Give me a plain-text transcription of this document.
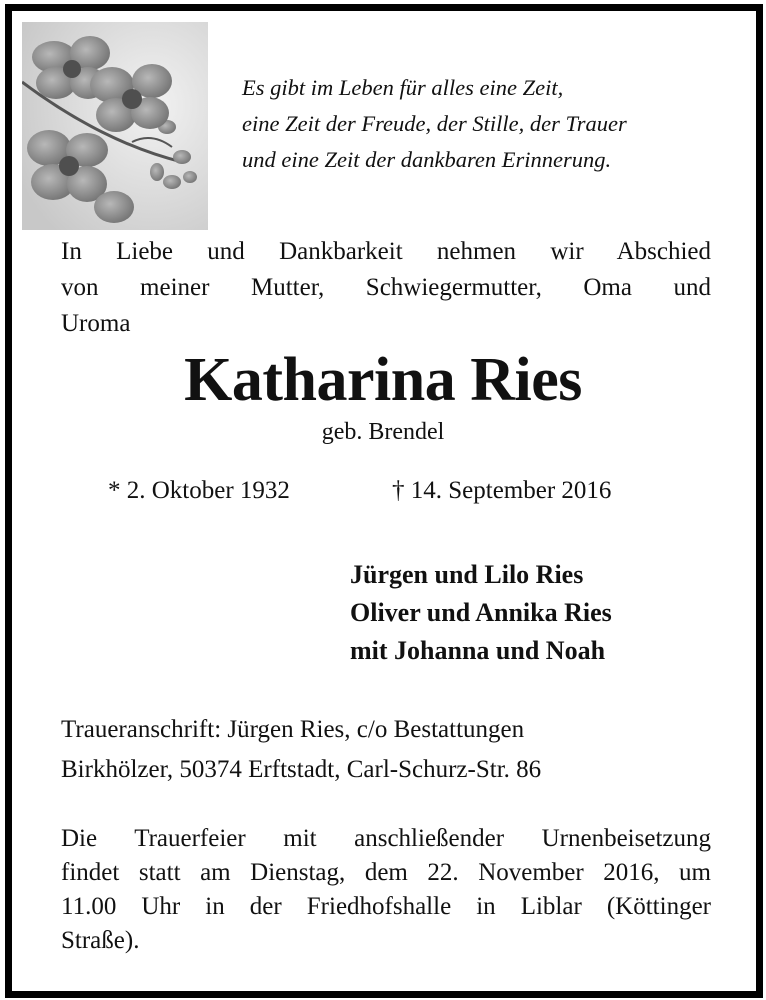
Es gibt im Leben für alles eine Zeit,
eine Zeit der Freude, der Stille, der Trauer
und eine Zeit der dankbaren Erinnerung.
In Liebe und Dankbarkeit nehmen wir Abschied
von meiner Mutter, Schwiegermutter, Oma und
Uroma
Katharina Ries
geb. Brendel
* 2. Oktober 1932	† 14. September 2016
Jürgen und Lilo Ries
Oliver und Annika Ries
mit Johanna und Noah
Traueranschrift: Jürgen Ries, c/o Bestattungen
Birkhölzer, 50374 Erftstadt, Carl-Schurz-Str. 86
Die Trauerfeier mit anschließender Urnenbeisetzung
findet statt am Dienstag, dem 22. November 2016, um
11.00 Uhr in der Friedhofshalle in Liblar (Köttinger
Straße).
